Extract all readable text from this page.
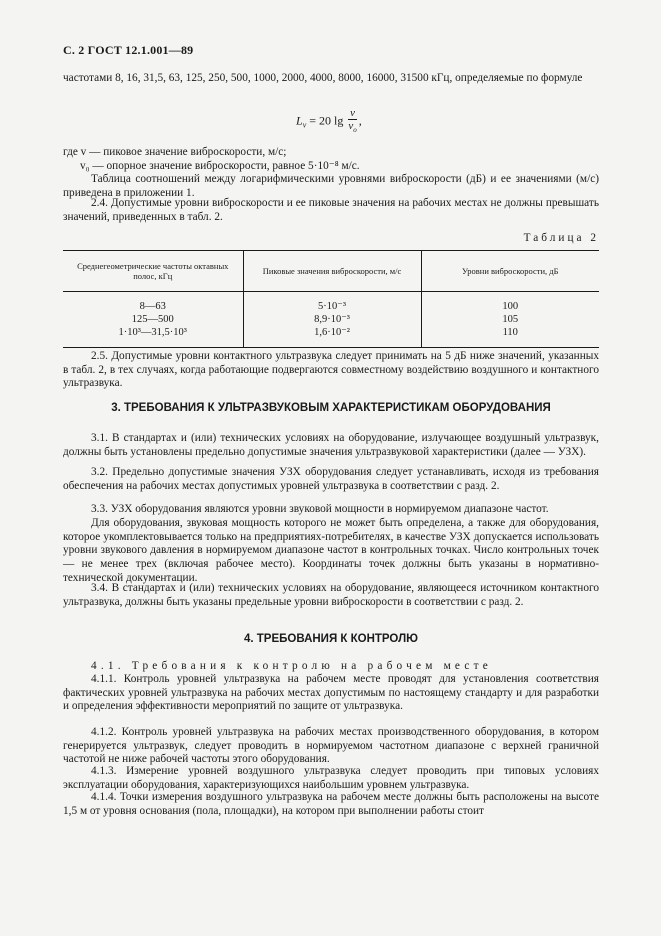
С. 2 ГОСТ 12.1.001—89
частотами 8, 16, 31,5, 63, 125, 250, 500, 1000, 2000, 4000, 8000, 16000, 31500 кГц, определяемые по формуле
$L_v = 20$ $\lg \frac{v}{v_o}$ ,
где v — пиковое значение виброскорости, м/с;
v₀ — опорное значение виброскорости, равное 5·10⁻⁸ м/с.
Таблица соотношений между логарифмическими уровнями виброскорости (дБ) и ее значениями (м/с) приведена в приложении 1.
2.4. Допустимые уровни виброскорости и ее пиковые значения на рабочих местах не должны превышать значений, приведенных в табл. 2.
Таблица 2
Среднегеометрические частоты октавных полос, кГц	Пиковые значения виброскорости, м/с	Уровни виброскорости, дБ
8—63	5·10⁻³	100
125—500	8,9·10⁻³	105
1·10³—31,5·10³	1,6·10⁻²	110
2.5. Допустимые уровни контактного ультразвука следует принимать на 5 дБ ниже значений, указанных в табл. 2, в тех случаях, когда работающие подвергаются совместному воздействию воздушного и контактного ультразвука.
3. ТРЕБОВАНИЯ К УЛЬТРАЗВУКОВЫМ ХАРАКТЕРИСТИКАМ ОБОРУДОВАНИЯ
3.1. В стандартах и (или) технических условиях на оборудование, излучающее воздушный ультразвук, должны быть установлены предельно допустимые значения ультразвуковой характеристики (далее — УЗХ).
3.2. Предельно допустимые значения УЗХ оборудования следует устанавливать, исходя из требования обеспечения на рабочих местах допустимых уровней ультразвука в соответствии с разд. 2.
3.3. УЗХ оборудования являются уровни звуковой мощности в нормируемом диапазоне частот.
Для оборудования, звуковая мощность которого не может быть определена, а также для оборудования, которое укомплектовывается только на предприятиях-потребителях, в качестве УЗХ допускается использовать уровни звукового давления в нормируемом диапазоне частот в контрольных точках. Число контрольных точек — не менее трех (включая рабочее место). Координаты точек должны быть указаны в нормативно-технической документации.
3.4. В стандартах и (или) технических условиях на оборудование, являющееся источником контактного ультразвука, должны быть указаны предельные уровни виброскорости в соответствии с разд. 2.
4. ТРЕБОВАНИЯ К КОНТРОЛЮ
4.1. Требования к контролю на рабочем месте
4.1.1. Контроль уровней ультразвука на рабочем месте проводят для установления соответствия фактических уровней ультразвука на рабочих местах допустимым по настоящему стандарту и для разработки и определения эффективности мероприятий по защите от ультразвука.
4.1.2. Контроль уровней ультразвука на рабочих местах производственного оборудования, в котором генерируется ультразвук, следует проводить в нормируемом частотном диапазоне с верхней граничной частотой не ниже рабочей частоты этого оборудования.
4.1.3. Измерение уровней воздушного ультразвука следует проводить при типовых условиях эксплуатации оборудования, характеризующихся наибольшим уровнем ультразвука.
4.1.4. Точки измерения воздушного ультразвука на рабочем месте должны быть расположены на высоте 1,5 м от уровня основания (пола, площадки), на котором при выполнении работы стоит
